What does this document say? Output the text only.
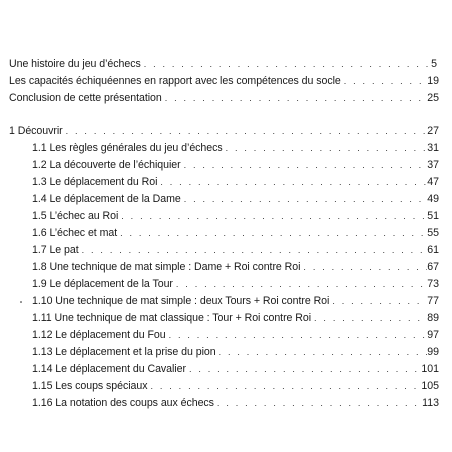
Une histoire du jeu d’échecs . . .	5
Les capacités échiquéennes en rapport avec les compétences du socle . . .	19
Conclusion de cette présentation . . .	25
1 Découvrir . . .	27
1.1 Les règles générales du jeu d’échecs . . .	31
1.2 La découverte de l’échiquier . . .	37
1.3 Le déplacement du Roi . . .	47
1.4 Le déplacement de la Dame . . .	49
1.5 L’échec au Roi . . .	51
1.6 L’échec et mat . . .	55
1.7 Le pat . . .	61
1.8 Une technique de mat simple : Dame + Roi contre Roi . . .	67
1.9 Le déplacement de la Tour . . .	73
1.10 Une technique de mat simple : deux Tours + Roi contre Roi . . .	77
1.11 Une technique de mat classique : Tour + Roi contre Roi . . .	89
1.12 Le déplacement du Fou . . .	97
1.13 Le déplacement et la prise du pion . . .	99
1.14 Le déplacement du Cavalier . . .	101
1.15 Les coups spéciaux . . .	105
1.16 La notation des coups aux échecs . . .	113
